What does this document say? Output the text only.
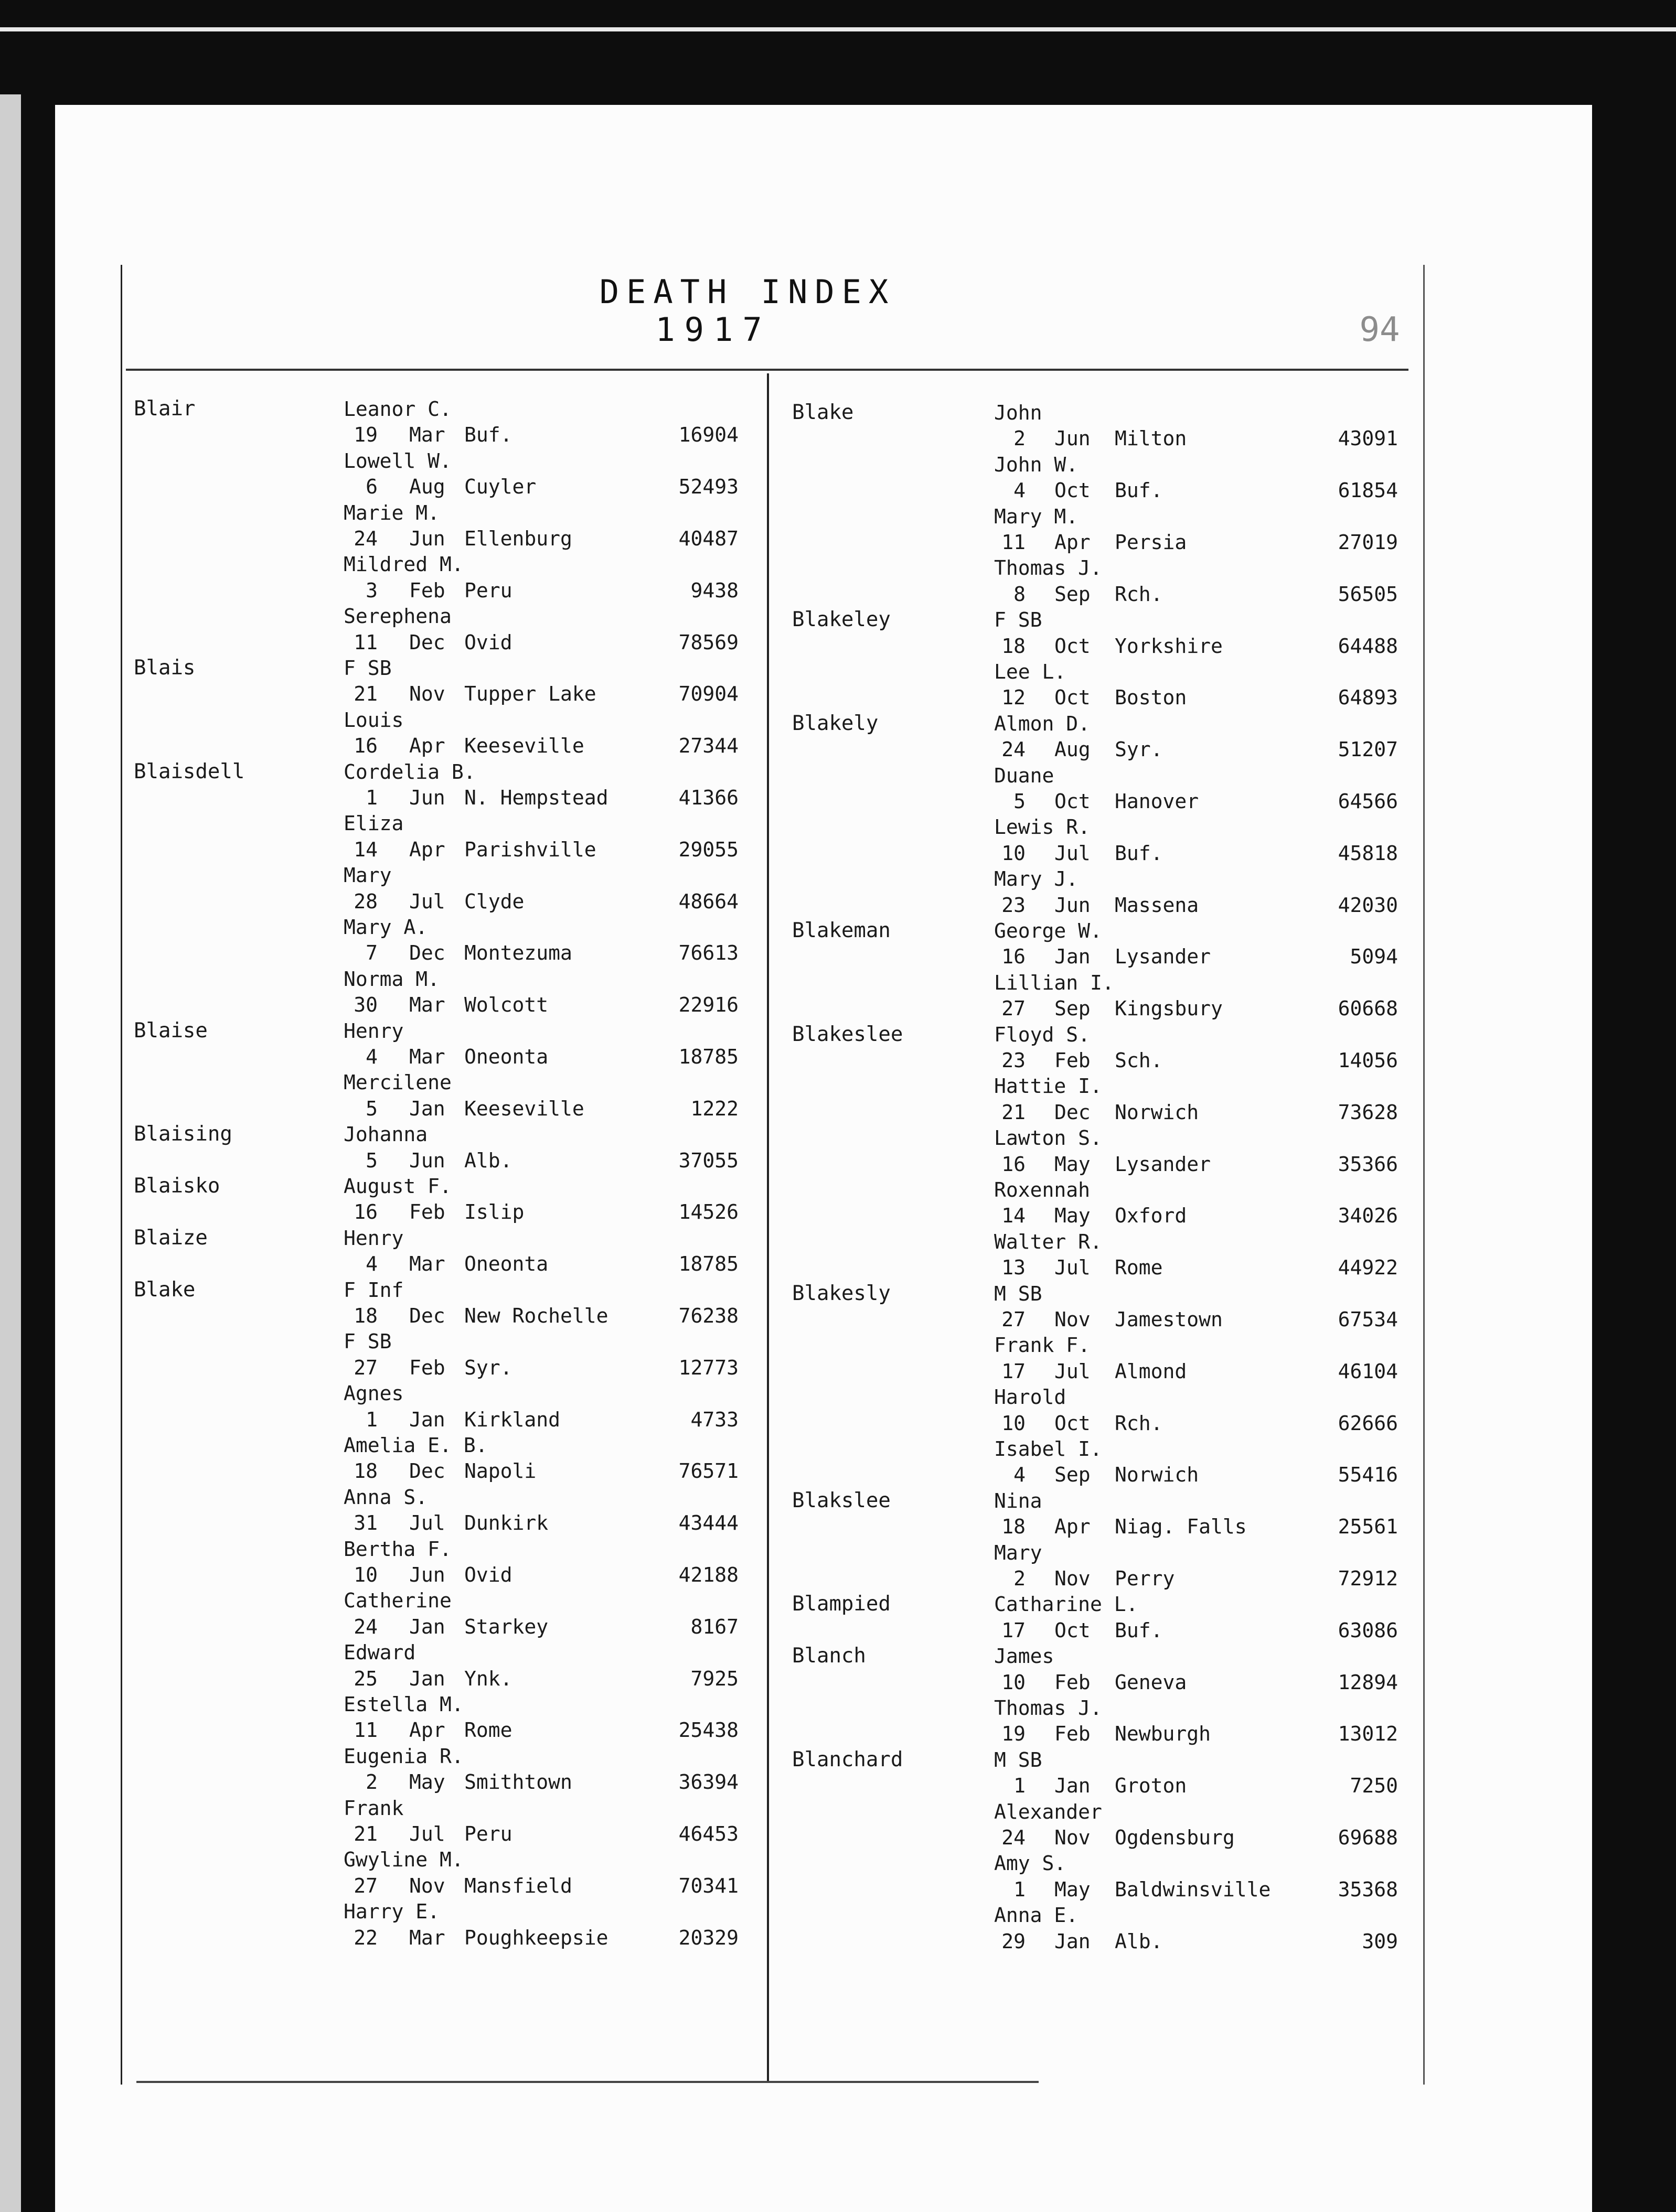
DEATH INDEX
1917	94
Blair	Leanor C.
19 Mar Buf.	16904
Lowell W.
6 Aug Cuyler	52493
Marie M.
24 Jun Ellenburg	40487
Mildred M.
3 Feb Peru	9438
Serephena
11 Dec Ovid	78569
Blais	F SB
21 Nov Tupper Lake	70904
Louis
16 Apr Keeseville	27344
Blaisdell	Cordelia B.
1 Jun N. Hempstead	41366
Eliza
14 Apr Parishville	29055
Mary
28 Jul Clyde	48664
Mary A.
7 Dec Montezuma	76613
Norma M.
30 Mar Wolcott	22916
Blaise	Henry
4 Mar Oneonta	18785
Mercilene
5 Jan Keeseville	1222
Blaising	Johanna
5 Jun Alb.	37055
Blaisko	August F.
16 Feb Islip	14526
Blaize	Henry
4 Mar Oneonta	18785
Blake	F Inf
18 Dec New Rochelle	76238
F SB
27 Feb Syr.	12773
Agnes
1 Jan Kirkland	4733
Amelia E. B.
18 Dec Napoli	76571
Anna S.
31 Jul Dunkirk	43444
Bertha F.
10 Jun Ovid	42188
Catherine
24 Jan Starkey	8167
Edward
25 Jan Ynk.	7925
Estella M.
11 Apr Rome	25438
Eugenia R.
2 May Smithtown	36394
Frank
21 Jul Peru	46453
Gwyline M.
27 Nov Mansfield	70341
Harry E.
22 Mar Poughkeepsie	20329
Blake	John
2 Jun Milton	43091
John W.
4 Oct Buf.	61854
Mary M.
11 Apr Persia	27019
Thomas J.
8 Sep Rch.	56505
Blakeley	F SB
18 Oct Yorkshire	64488
Lee L.
12 Oct Boston	64893
Blakely	Almon D.
24 Aug Syr.	51207
Duane
5 Oct Hanover	64566
Lewis R.
10 Jul Buf.	45818
Mary J.
23 Jun Massena	42030
Blakeman	George W.
16 Jan Lysander	5094
Lillian I.
27 Sep Kingsbury	60668
Blakeslee	Floyd S.
23 Feb Sch.	14056
Hattie I.
21 Dec Norwich	73628
Lawton S.
16 May Lysander	35366
Roxennah
14 May Oxford	34026
Walter R.
13 Jul Rome	44922
Blakesly	M SB
27 Nov Jamestown	67534
Frank F.
17 Jul Almond	46104
Harold
10 Oct Rch.	62666
Isabel I.
4 Sep Norwich	55416
Blakslee	Nina
18 Apr Niag. Falls	25561
Mary
2 Nov Perry	72912
Blampied	Catharine L.
17 Oct Buf.	63086
Blanch	James
10 Feb Geneva	12894
Thomas J.
19 Feb Newburgh	13012
Blanchard	M SB
1 Jan Groton	7250
Alexander
24 Nov Ogdensburg	69688
Amy S.
1 May Baldwinsville	35368
Anna E.
29 Jan Alb.	309
